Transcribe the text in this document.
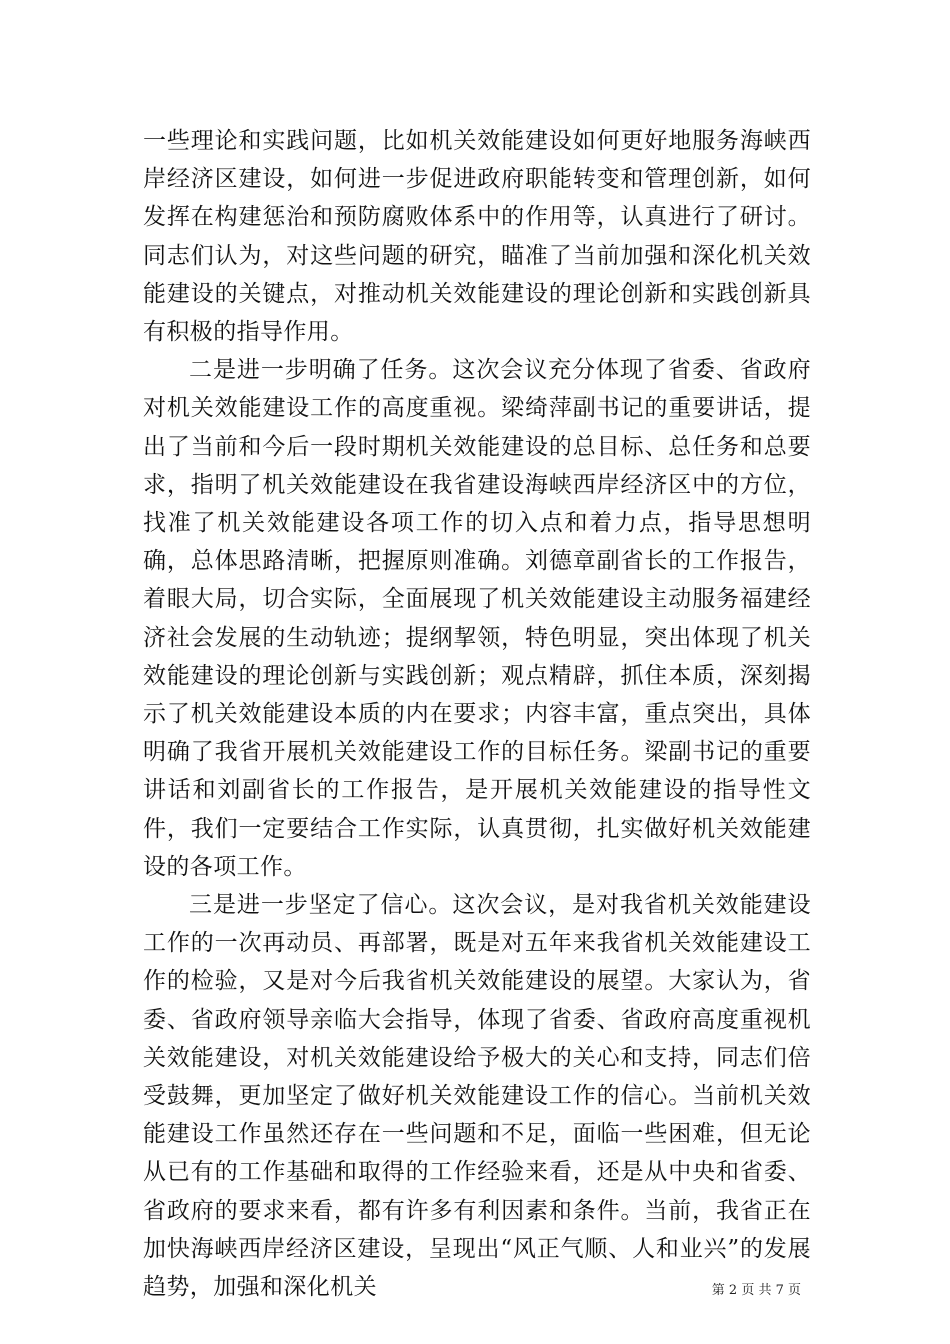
一些理论和实践问题，比如机关效能建设如何更好地服务海峡西岸经济区建设，如何进一步促进政府职能转变和管理创新，如何发挥在构建惩治和预防腐败体系中的作用等，认真进行了研讨。同志们认为，对这些问题的研究，瞄准了当前加强和深化机关效能建设的关键点，对推动机关效能建设的理论创新和实践创新具有积极的指导作用。

二是进一步明确了任务。这次会议充分体现了省委、省政府对机关效能建设工作的高度重视。梁绮萍副书记的重要讲话，提出了当前和今后一段时期机关效能建设的总目标、总任务和总要求，指明了机关效能建设在我省建设海峡西岸经济区中的方位，找准了机关效能建设各项工作的切入点和着力点，指导思想明确，总体思路清晰，把握原则准确。刘德章副省长的工作报告，着眼大局，切合实际，全面展现了机关效能建设主动服务福建经济社会发展的生动轨迹；提纲挈领，特色明显，突出体现了机关效能建设的理论创新与实践创新；观点精辟，抓住本质，深刻揭示了机关效能建设本质的内在要求；内容丰富，重点突出，具体明确了我省开展机关效能建设工作的目标任务。梁副书记的重要讲话和刘副省长的工作报告，是开展机关效能建设的指导性文件，我们一定要结合工作实际，认真贯彻，扎实做好机关效能建设的各项工作。

三是进一步坚定了信心。这次会议，是对我省机关效能建设工作的一次再动员、再部署，既是对五年来我省机关效能建设工作的检验，又是对今后我省机关效能建设的展望。大家认为，省委、省政府领导亲临大会指导，体现了省委、省政府高度重视机关效能建设，对机关效能建设给予极大的关心和支持，同志们倍受鼓舞，更加坚定了做好机关效能建设工作的信心。当前机关效能建设工作虽然还存在一些问题和不足，面临一些困难，但无论从已有的工作基础和取得的工作经验来看，还是从中央和省委、省政府的要求来看，都有许多有利因素和条件。当前，我省正在加快海峡西岸经济区建设，呈现出“风正气顺、人和业兴”的发展趋势，加强和深化机关	第 2 页 共 7 页
